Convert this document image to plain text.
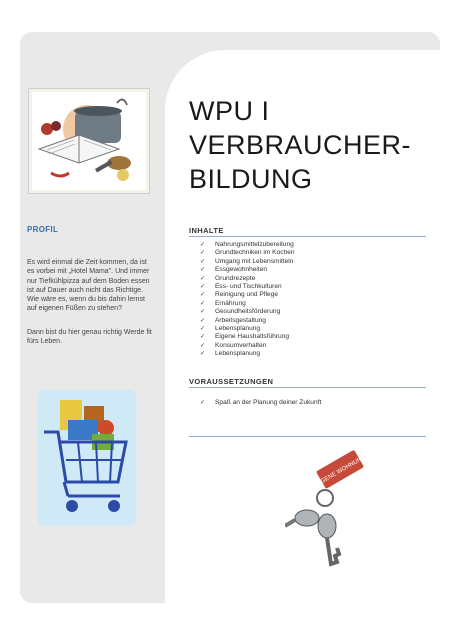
WPU I
VERBRAUCHER-
BILDUNG
PROFIL

Es wird einmal die Zeit kommen, da ist es vorbei mit „Hotel Mama". Und immer nur Tiefkühlpizza auf dem Boden essen ist auf Dauer auch nicht das Richtige. Wie wäre es, wenn du bis dahin lernst auf eigenen Füßen zu stehen?

Dann bist du hier genau richtig Werde fit fürs Leben.

INHALTE
✓ Nahrungsmittelzubereitung
✓ Grundtechniken im Kochen
✓ Umgang mit Lebensmitteln
✓ Essgewohnheiten
✓ Grundrezepte
✓ Ess- und Tischkulturen
✓ Reinigung und Pflege
✓ Ernährung
✓ Gesundheitsförderung
✓ Arbeitsgestaltung
✓ Lebensplanung
✓ Eigene Haushaltsführung
✓ Konsumverhalten
✓ Lebensplanung
VORAUSSETZUNGEN
✓ Spaß an der Planung deiner Zukunft
EIGENE WOHNUNG
